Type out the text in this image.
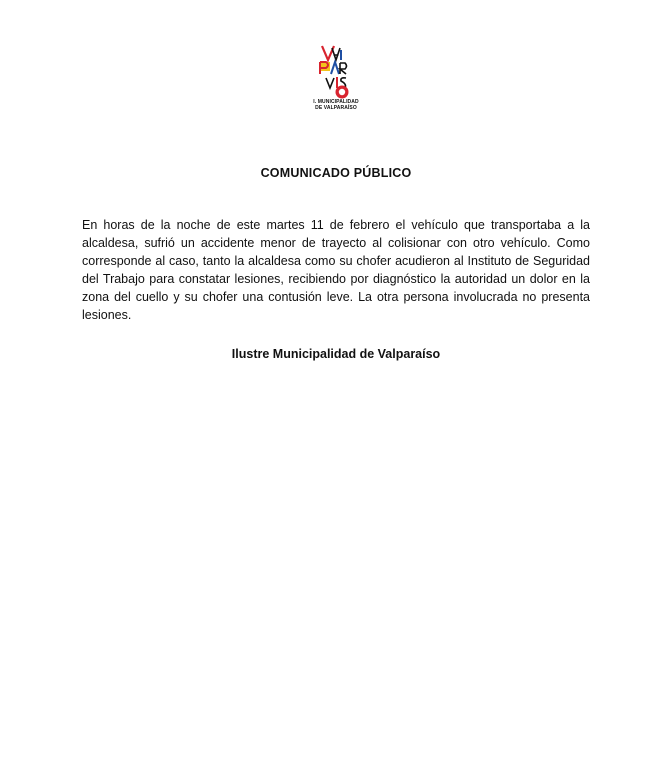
I. MUNICIPALIDAD
DE VALPARAÍSO
COMUNICADO PÚBLICO
En horas de la noche de este martes 11 de febrero el vehículo que transportaba a la alcaldesa, sufrió un accidente menor de trayecto al colisionar con otro vehículo. Como corresponde al caso, tanto la alcaldesa como su chofer acudieron al Instituto de Seguridad del Trabajo para constatar lesiones, recibiendo por diagnóstico la autoridad un dolor en la zona del cuello y su chofer una contusión leve. La otra persona involucrada no presenta lesiones.
Ilustre Municipalidad de Valparaíso
